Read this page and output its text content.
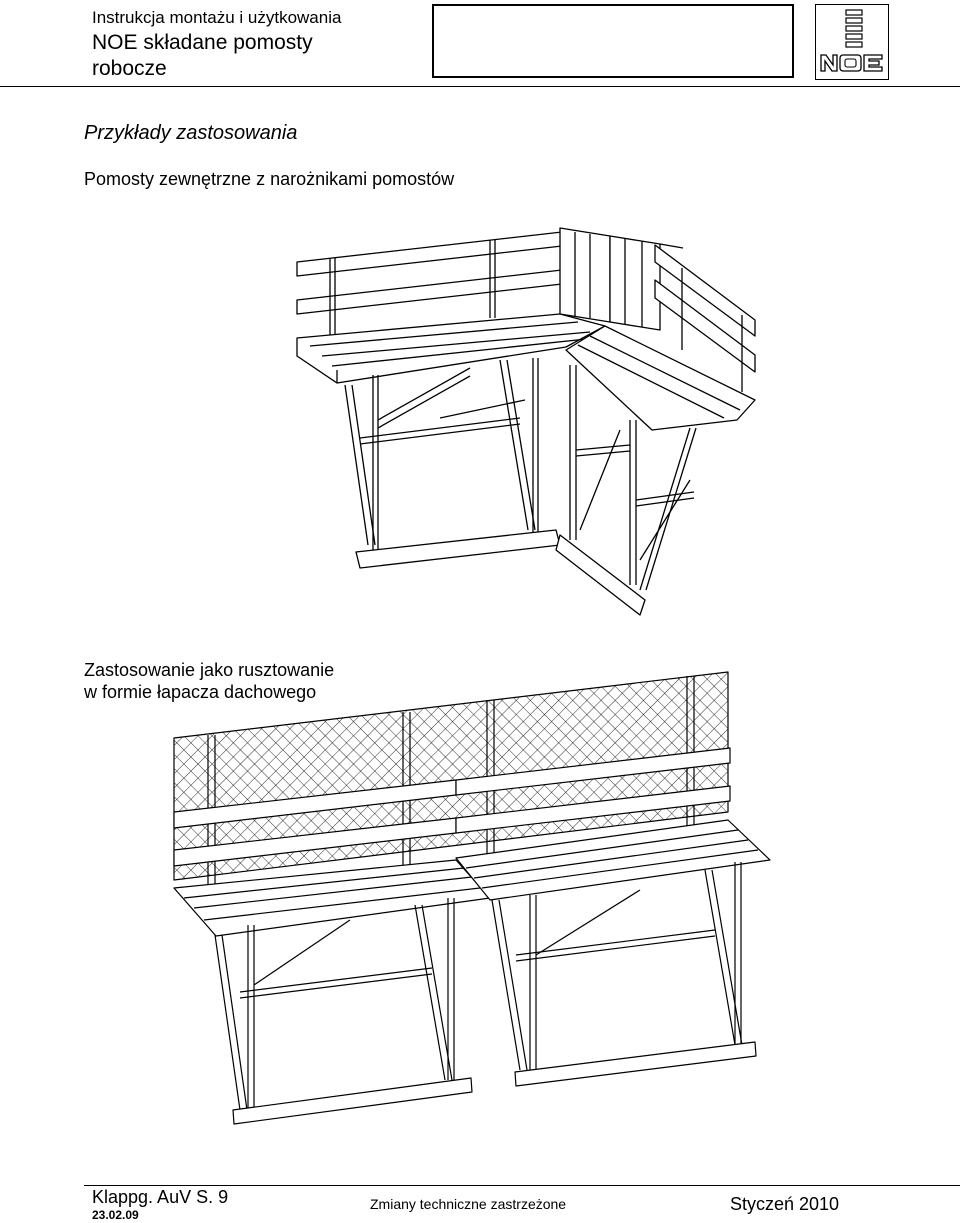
Instrukcja montażu i użytkowania
NOE składane pomosty
robocze
Przykłady zastosowania
Pomosty zewnętrzne z narożnikami pomostów
Zastosowanie jako rusztowanie
w formie łapacza dachowego
Klappg. AuV S. 9
23.02.09
Zmiany techniczne zastrzeżone	Styczeń 2010
